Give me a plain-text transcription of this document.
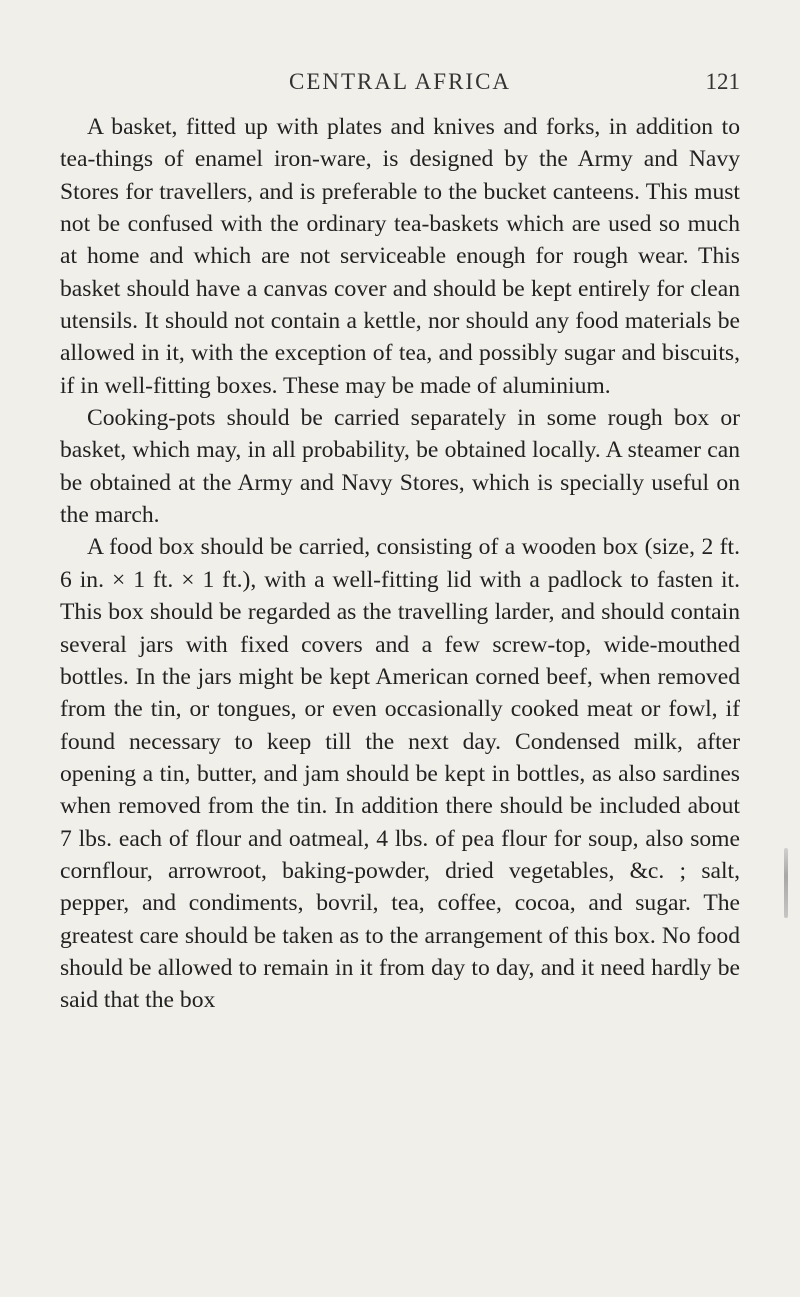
CENTRAL AFRICA	121

A basket, fitted up with plates and knives and forks, in addition to tea-things of enamel iron-ware, is designed by the Army and Navy Stores for travellers, and is preferable to the bucket canteens. This must not be confused with the ordinary tea-baskets which are used so much at home and which are not serviceable enough for rough wear. This basket should have a canvas cover and should be kept entirely for clean utensils. It should not contain a kettle, nor should any food materials be allowed in it, with the exception of tea, and possibly sugar and biscuits, if in well-fitting boxes. These may be made of aluminium.

Cooking-pots should be carried separately in some rough box or basket, which may, in all probability, be obtained locally. A steamer can be obtained at the Army and Navy Stores, which is specially useful on the march.

A food box should be carried, consisting of a wooden box (size, 2 ft. 6 in. × 1 ft. × 1 ft.), with a well-fitting lid with a padlock to fasten it. This box should be regarded as the travelling larder, and should contain several jars with fixed covers and a few screw-top, wide-mouthed bottles. In the jars might be kept American corned beef, when removed from the tin, or tongues, or even occasionally cooked meat or fowl, if found necessary to keep till the next day. Condensed milk, after opening a tin, butter, and jam should be kept in bottles, as also sardines when removed from the tin. In addition there should be included about 7 lbs. each of flour and oatmeal, 4 lbs. of pea flour for soup, also some cornflour, arrowroot, baking-powder, dried vegetables, &c. ; salt, pepper, and condiments, bovril, tea, coffee, cocoa, and sugar. The greatest care should be taken as to the arrangement of this box. No food should be allowed to remain in it from day to day, and it need hardly be said that the box
